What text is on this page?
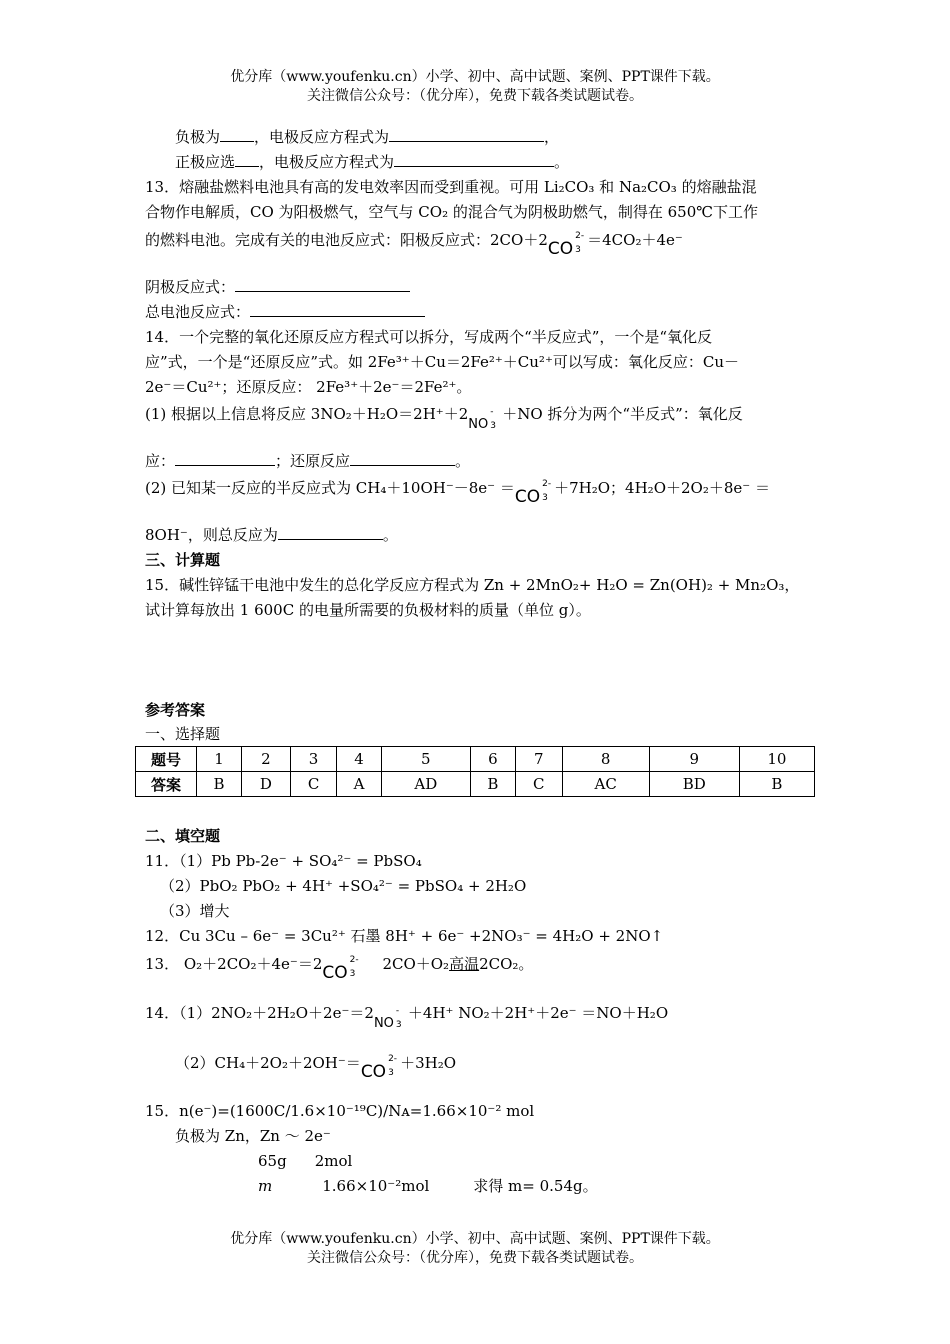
优分库（www.youfenku.cn）小学、初中、高中试题、案例、PPT课件下载。
关注微信公众号：（优分库），免费下载各类试题试卷。
负极为 ，电极反应方程式为	，
正极应选 ，电极反应方程式为	。
13．熔融盐燃料电池具有高的发电效率因而受到重视。可用 Li₂CO₃ 和 Na₂CO₃ 的熔融盐混
合物作电解质，CO 为阳极燃气，空气与 CO₂ 的混合气为阴极助燃气，制得在 650℃下工作
的燃料电池。完成有关的电池反应式：阳极反应式：2CO＋2CO
2-
3
＝4CO₂＋4e⁻
阴极反应式：
总电池反应式：
14．一个完整的氧化还原反应方程式可以拆分，写成两个“半反应式”，一个是“氧化反
应”式，一个是“还原反应”式。如 2Fe³⁺＋Cu＝2Fe²⁺＋Cu²⁺可以写成：氧化反应：Cu－
2e⁻＝Cu²⁺；还原反应： 2Fe³⁺＋2e⁻＝2Fe²⁺。
(1) 根据以上信息将反应 3NO₂＋H₂O＝2H⁺＋2NO
-
3
＋NO 拆分为两个“半反式”：氧化反
应：	；还原反应	。
(2) 已知某一反应的半反应式为 CH₄＋10OH⁻－8e⁻ ＝CO
2-
3
＋7H₂O；4H₂O＋2O₂＋8e⁻ ＝
8OH⁻，则总反应为	。
三、计算题
15．碱性锌锰干电池中发生的总化学反应方程式为 Zn + 2MnO₂+ H₂O = Zn(OH)₂ + Mn₂O₃，
试计算每放出 1 600C 的电量所需要的负极材料的质量（单位 g）。
参考答案
一、选择题
题号	1	2	3	4	5	6	7	8	9	10
答案	B	D	C	A	AD	B	C	AC	BD	B
二、填空题
11．（1）Pb Pb-2e⁻ + SO₄²⁻ = PbSO₄
（2）PbO₂ PbO₂ + 4H⁺ +SO₄²⁻ = PbSO₄ + 2H₂O
（3）增大
12．Cu 3Cu – 6e⁻ = 3Cu²⁺ 石墨 8H⁺ + 6e⁻ +2NO₃⁻ = 4H₂O + 2NO↑
13． O₂＋2CO₂＋4e⁻＝2CO
2-
3
2CO＋O₂高温2CO₂。
14．（1）2NO₂＋2H₂O＋2e⁻＝2NO
-
3
＋4H⁺ NO₂＋2H⁺＋2e⁻ ＝NO＋H₂O
（2）CH₄＋2O₂＋2OH⁻＝CO
2-
3
＋3H₂O
15．n(e⁻)=(1600C/1.6×10⁻¹⁹C)/Nᴀ=1.66×10⁻² mol
负极为 Zn，Zn ～ 2e⁻
65g 2mol
m	1.66×10⁻²mol	求得 m= 0.54g。
优分库（www.youfenku.cn）小学、初中、高中试题、案例、PPT课件下载。
关注微信公众号：（优分库），免费下载各类试题试卷。
